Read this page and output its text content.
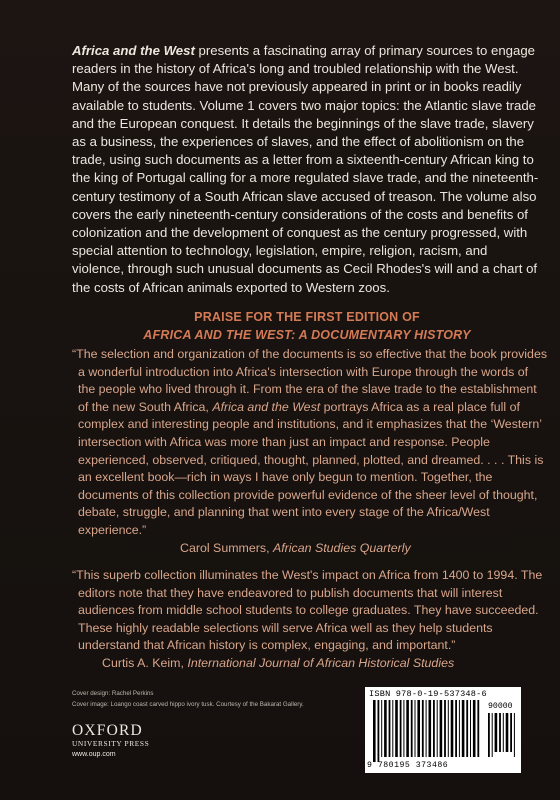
Africa and the West presents a fascinating array of primary sources to engage readers in the history of Africa's long and troubled relationship with the West. Many of the sources have not previously appeared in print or in books readily available to students. Volume 1 covers two major topics: the Atlantic slave trade and the European conquest. It details the beginnings of the slave trade, slavery as a business, the experiences of slaves, and the effect of abolitionism on the trade, using such documents as a letter from a sixteenth-century African king to the king of Portugal calling for a more regulated slave trade, and the nineteenth-century testimony of a South African slave accused of treason. The volume also covers the early nineteenth-century considerations of the costs and benefits of colonization and the development of conquest as the century progressed, with special attention to technology, legislation, empire, religion, racism, and violence, through such unusual documents as Cecil Rhodes's will and a chart of the costs of African animals exported to Western zoos.

PRAISE FOR THE FIRST EDITION OF
AFRICA AND THE WEST: A DOCUMENTARY HISTORY
“The selection and organization of the documents is so effective that the book provides a wonderful introduction into Africa's intersection with Europe through the words of the people who lived through it. From the era of the slave trade to the establishment of the new South Africa, Africa and the West portrays Africa as a real place full of complex and interesting people and institutions, and it emphasizes that the ‘Western’ intersection with Africa was more than just an impact and response. People experienced, observed, critiqued, thought, planned, plotted, and dreamed. . . . This is an excellent book—rich in ways I have only begun to mention. Together, the documents of this collection provide powerful evidence of the sheer level of thought, debate, struggle, and planning that went into every stage of the Africa/West experience.”
Carol Summers, African Studies Quarterly
“This superb collection illuminates the West's impact on Africa from 1400 to 1994. The editors note that they have endeavored to publish documents that will interest audiences from middle school students to college graduates. They have succeeded. These highly readable selections will serve Africa well as they help students understand that African history is complex, engaging, and important.”
Curtis A. Keim, International Journal of African Historical Studies
Cover design: Rachel Perkins
Cover image: Loango coast carved hippo ivory tusk. Courtesy of the Bakarat Gallery.
OXFORD
UNIVERSITY PRESS
www.oup.com
ISBN 978-0-19-537348-6
90000
9 780195 373486
